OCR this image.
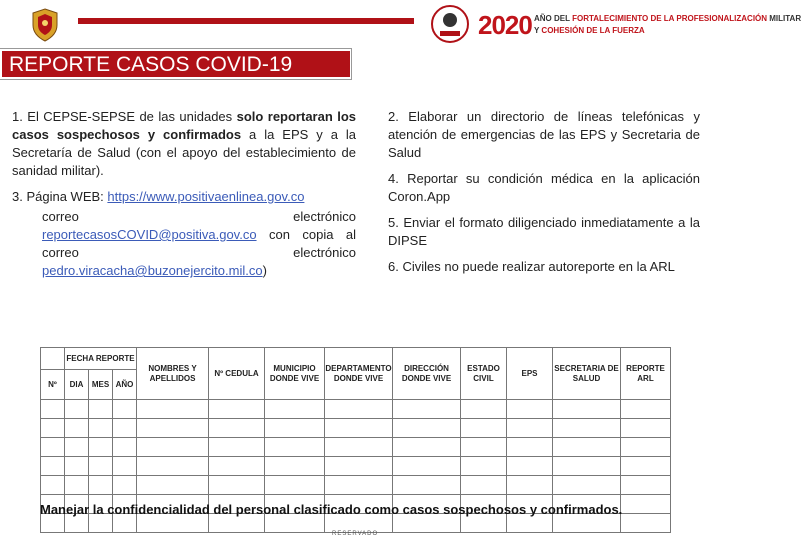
2020 AÑO DEL FORTALECIMIENTO DE LA PROFESIONALIZACIÓN MILITAR
Y COHESIÓN DE LA FUERZA
REPORTE CASOS COVID-19

1. El CEPSE-SEPSE de las unidades solo reportaran los casos sospechosos y confirmados a la EPS y a la Secretaría de Salud (con el apoyo del establecimiento de sanidad militar).

3. Página WEB: https://www.positivaenlinea.gov.co

correo electrónico
reportecasosCOVID@positiva.gov.co con copia al correo electrónico pedro.viracacha@buzonejercito.mil.co)

2. Elaborar un directorio de líneas telefónicas y atención de emergencias de las EPS y Secretaria de Salud

4. Reportar su condición médica en la aplicación Coron.App

5. Enviar el formato diligenciado inmediatamente a la DIPSE

6. Civiles no puede realizar autoreporte en la ARL

	FECHA REPORTE			NOMBRES Y APELLIDOS	Nº CEDULA	MUNICIPIO DONDE VIVE	DEPARTAMENTO DONDE VIVE	DIRECCIÓN DONDE VIVE	ESTADO CIVIL	EPS	SECRETARIA DE SALUD	REPORTE ARL
Nº	DIA	MES	AÑO									

Manejar la confidencialidad del personal clasificado como casos sospechosos y confirmados.
RESERVADO
